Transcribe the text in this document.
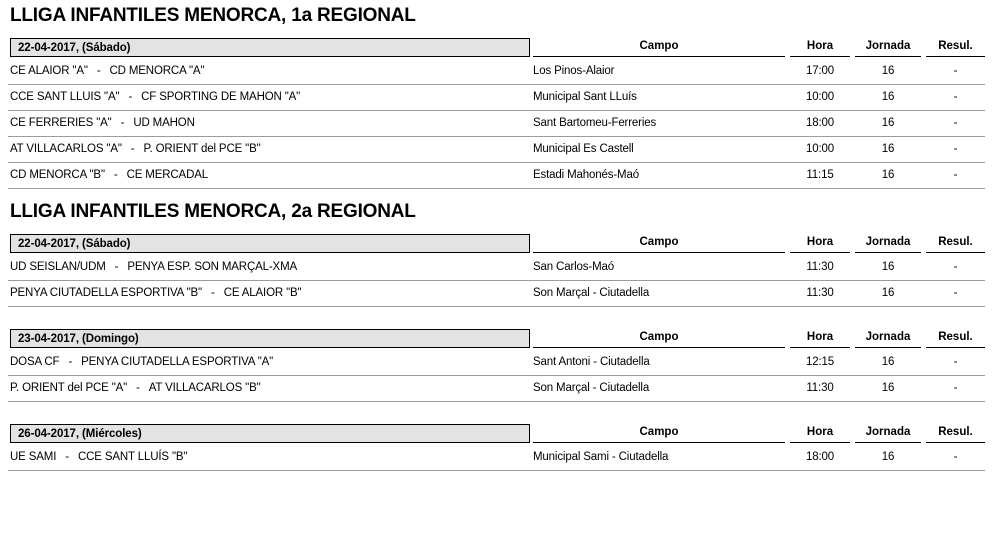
LLIGA INFANTILES MENORCA, 1a REGIONAL
22-04-2017, (Sábado)	Campo	Hora	Jornada	Resul.
CE ALAIOR "A" - CD MENORCA "A"	Los Pinos-Alaior	17:00	16	-
CCE SANT LLUIS "A" - CF SPORTING DE MAHON "A"	Municipal Sant LLuís	10:00	16	-
CE FERRERIES "A" - UD MAHON	Sant Bartomeu-Ferreries	18:00	16	-
AT VILLACARLOS "A" - P. ORIENT del PCE "B"	Municipal Es Castell	10:00	16	-
CD MENORCA "B" - CE MERCADAL	Estadi Mahonés-Maó	11:15	16	-
LLIGA INFANTILES MENORCA, 2a REGIONAL
22-04-2017, (Sábado)	Campo	Hora	Jornada	Resul.
UD SEISLAN/UDM - PENYA ESP. SON MARÇAL-XMA	San Carlos-Maó	11:30	16	-
PENYA CIUTADELLA ESPORTIVA "B" - CE ALAIOR "B"	Son Marçal - Ciutadella	11:30	16	-
23-04-2017, (Domingo)	Campo	Hora	Jornada	Resul.
DOSA CF - PENYA CIUTADELLA ESPORTIVA "A"	Sant Antoni - Ciutadella	12:15	16	-
P. ORIENT del PCE "A" - AT VILLACARLOS "B"	Son Marçal - Ciutadella	11:30	16	-
26-04-2017, (Miércoles)	Campo	Hora	Jornada	Resul.
UE SAMI - CCE SANT LLUÍS "B"	Municipal Sami - Ciutadella	18:00	16	-
